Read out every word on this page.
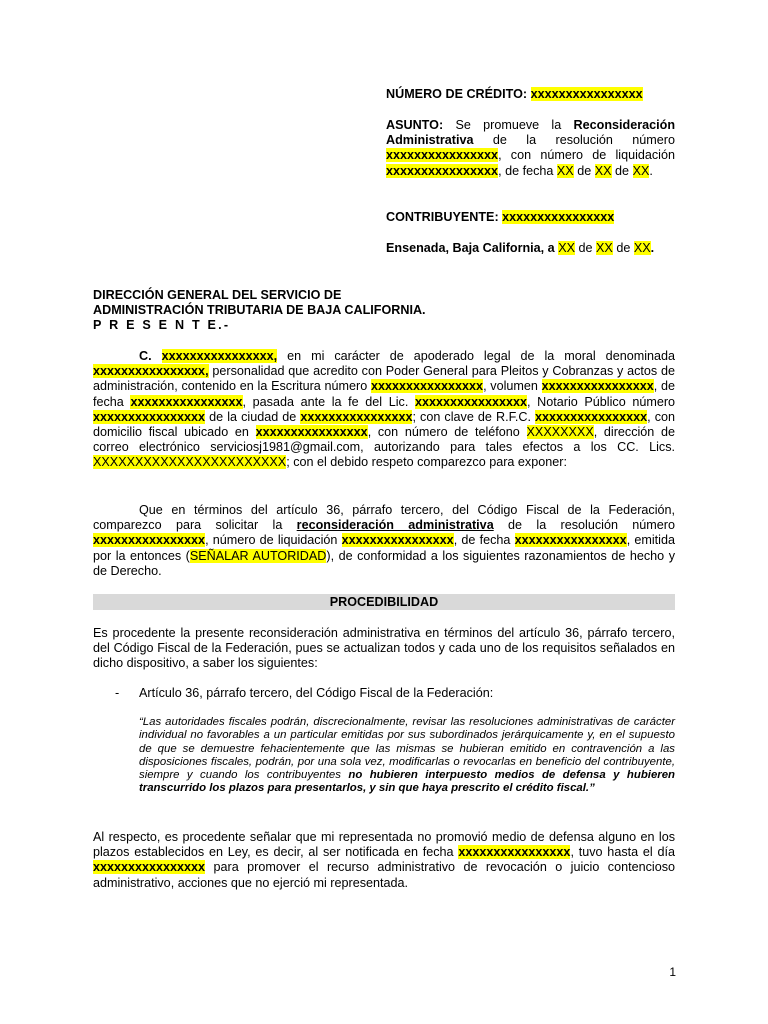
NÚMERO DE CRÉDITO: xxxxxxxxxxxxxxxx
ASUNTO: Se promueve la Reconsideración Administrativa de la resolución número xxxxxxxxxxxxxxxx, con número de liquidación xxxxxxxxxxxxxxxx, de fecha XX de XX de XX.
CONTRIBUYENTE: xxxxxxxxxxxxxxxx
Ensenada, Baja California, a XX de XX de XX.
DIRECCIÓN GENERAL DEL SERVICIO DE
ADMINISTRACIÓN TRIBUTARIA DE BAJA CALIFORNIA.
P R E S E N T E.-
C. xxxxxxxxxxxxxxxx, en mi carácter de apoderado legal de la moral denominada xxxxxxxxxxxxxxxx, personalidad que acredito con Poder General para Pleitos y Cobranzas y actos de administración, contenido en la Escritura número xxxxxxxxxxxxxxxx, volumen xxxxxxxxxxxxxxxx, de fecha xxxxxxxxxxxxxxxx, pasada ante la fe del Lic. xxxxxxxxxxxxxxxx, Notario Público número xxxxxxxxxxxxxxxx de la ciudad de xxxxxxxxxxxxxxxx; con clave de R.F.C. xxxxxxxxxxxxxxxx, con domicilio fiscal ubicado en xxxxxxxxxxxxxxxx, con número de teléfono XXXXXXXX, dirección de correo electrónico serviciosj1981@gmail.com, autorizando para tales efectos a los CC. Lics. XXXXXXXXXXXXXXXXXXXXXXX; con el debido respeto comparezco para exponer:
Que en términos del artículo 36, párrafo tercero, del Código Fiscal de la Federación, comparezco para solicitar la reconsideración administrativa de la resolución número xxxxxxxxxxxxxxxx, número de liquidación xxxxxxxxxxxxxxxx, de fecha xxxxxxxxxxxxxxxx, emitida por la entonces (SEÑALAR AUTORIDAD), de conformidad a los siguientes razonamientos de hecho y de Derecho.
PROCEDIBILIDAD
Es procedente la presente reconsideración administrativa en términos del artículo 36, párrafo tercero, del Código Fiscal de la Federación, pues se actualizan todos y cada uno de los requisitos señalados en dicho dispositivo, a saber los siguientes:
-	Artículo 36, párrafo tercero, del Código Fiscal de la Federación:
“Las autoridades fiscales podrán, discrecionalmente, revisar las resoluciones administrativas de carácter individual no favorables a un particular emitidas por sus subordinados jerárquicamente y, en el supuesto de que se demuestre fehacientemente que las mismas se hubieran emitido en contravención a las disposiciones fiscales, podrán, por una sola vez, modificarlas o revocarlas en beneficio del contribuyente, siempre y cuando los contribuyentes no hubieren interpuesto medios de defensa y hubieren transcurrido los plazos para presentarlos, y sin que haya prescrito el crédito fiscal.”
Al respecto, es procedente señalar que mi representada no promovió medio de defensa alguno en los plazos establecidos en Ley, es decir, al ser notificada en fecha xxxxxxxxxxxxxxxx, tuvo hasta el día xxxxxxxxxxxxxxxx para promover el recurso administrativo de revocación o juicio contencioso administrativo, acciones que no ejerció mi representada.
1
